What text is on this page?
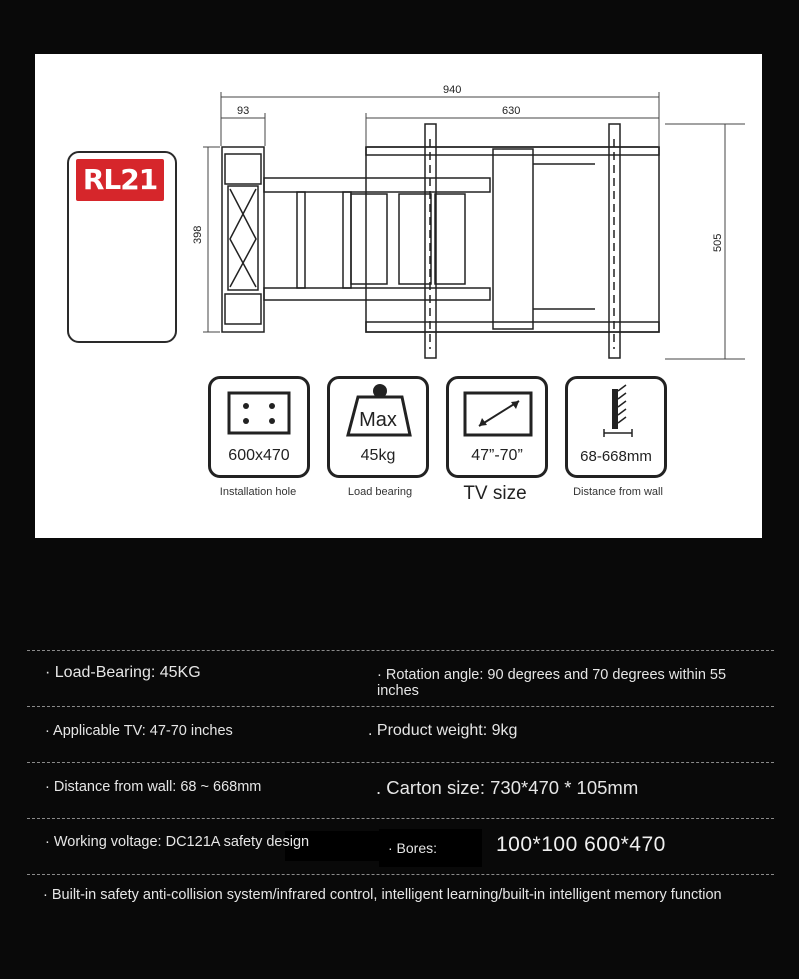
940
93	630
398	505
RL21
600x470
Installation hole
Max
45kg
Load bearing
47”-70”
TV size
68-668mm
Distance from wall
· Load-Bearing: 45KG	· Rotation angle: 90 degrees and 70 degrees within 55 inches
· Applicable TV: 47-70 inches	. Product weight: 9kg
· Distance from wall: 68 ~ 668mm	. Carton size: 730*470 * 105mm
· Working voltage: DC121A safety design	· Bores:	100*100 600*470
· Built-in safety anti-collision system/infrared control, intelligent learning/built-in intelligent memory function
